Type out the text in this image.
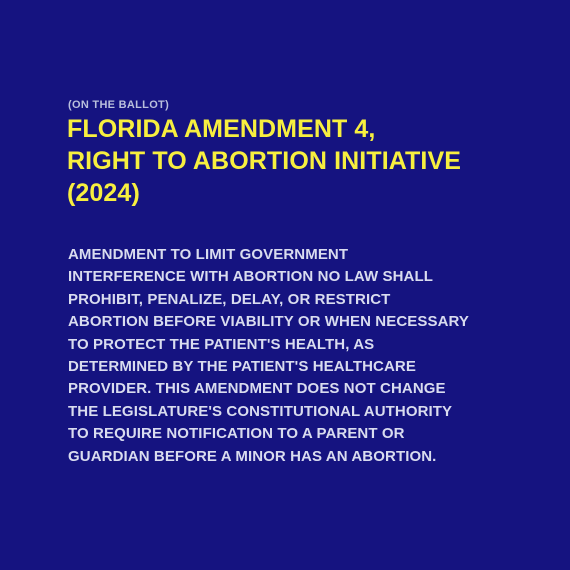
(ON THE BALLOT)
FLORIDA AMENDMENT 4,
RIGHT TO ABORTION INITIATIVE
(2024)

AMENDMENT TO LIMIT GOVERNMENT
INTERFERENCE WITH ABORTION NO LAW SHALL
PROHIBIT, PENALIZE, DELAY, OR RESTRICT
ABORTION BEFORE VIABILITY OR WHEN NECESSARY
TO PROTECT THE PATIENT'S HEALTH, AS
DETERMINED BY THE PATIENT'S HEALTHCARE
PROVIDER. THIS AMENDMENT DOES NOT CHANGE
THE LEGISLATURE'S CONSTITUTIONAL AUTHORITY
TO REQUIRE NOTIFICATION TO A PARENT OR
GUARDIAN BEFORE A MINOR HAS AN ABORTION.
